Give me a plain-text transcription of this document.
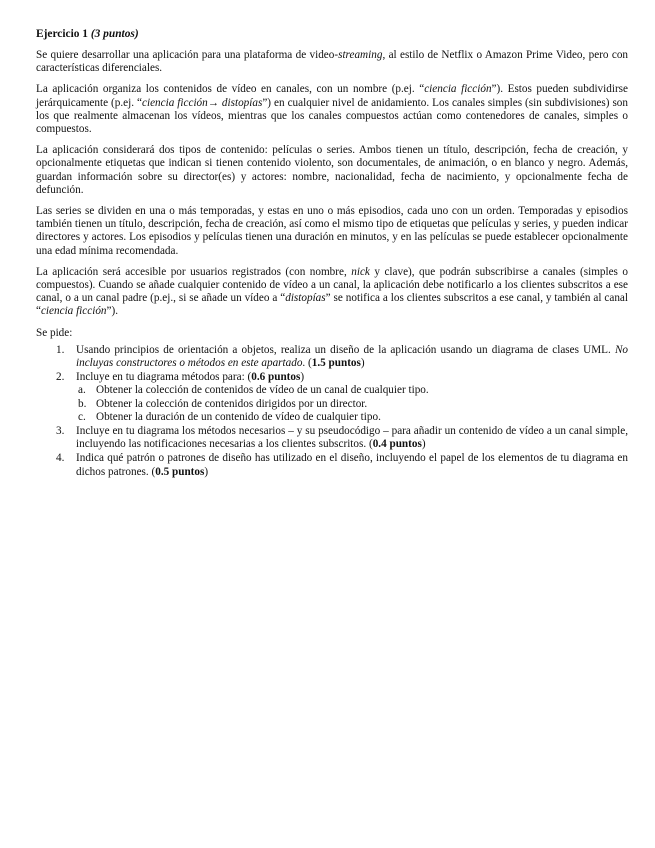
Ejercicio 1 (3 puntos)

Se quiere desarrollar una aplicación para una plataforma de video-streaming, al estilo de Netflix o Amazon Prime Video, pero con características diferenciales.

La aplicación organiza los contenidos de vídeo en canales, con un nombre (p.ej. “ciencia ficción”). Estos pueden subdividirse jerárquicamente (p.ej. “ciencia ficción→ distopías”) en cualquier nivel de anidamiento. Los canales simples (sin subdivisiones) son los que realmente almacenan los vídeos, mientras que los canales compuestos actúan como contenedores de canales, simples o compuestos.

La aplicación considerará dos tipos de contenido: películas o series. Ambos tienen un título, descripción, fecha de creación, y opcionalmente etiquetas que indican si tienen contenido violento, son documentales, de animación, o en blanco y negro. Además, guardan información sobre su director(es) y actores: nombre, nacionalidad, fecha de nacimiento, y opcionalmente fecha de defunción.

Las series se dividen en una o más temporadas, y estas en uno o más episodios, cada uno con un orden. Temporadas y episodios también tienen un título, descripción, fecha de creación, así como el mismo tipo de etiquetas que películas y series, y pueden indicar directores y actores. Los episodios y películas tienen una duración en minutos, y en las películas se puede establecer opcionalmente una edad mínima recomendada.

La aplicación será accesible por usuarios registrados (con nombre, nick y clave), que podrán subscribirse a canales (simples o compuestos). Cuando se añade cualquier contenido de vídeo a un canal, la aplicación debe notificarlo a los clientes subscritos a ese canal, o a un canal padre (p.ej., si se añade un vídeo a “distopías” se notifica a los clientes subscritos a ese canal, y también al canal “ciencia ficción”).

Se pide:

1.	Usando principios de orientación a objetos, realiza un diseño de la aplicación usando un diagrama de clases UML. No incluyas constructores o métodos en este apartado. (1.5 puntos)
2.	Incluye en tu diagrama métodos para: (0.6 puntos)
a. Obtener la colección de contenidos de vídeo de un canal de cualquier tipo.
b. Obtener la colección de contenidos dirigidos por un director.
c. Obtener la duración de un contenido de vídeo de cualquier tipo.
3.	Incluye en tu diagrama los métodos necesarios – y su pseudocódigo – para añadir un contenido de vídeo a un canal simple, incluyendo las notificaciones necesarias a los clientes subscritos. (0.4 puntos)
4.	Indica qué patrón o patrones de diseño has utilizado en el diseño, incluyendo el papel de los elementos de tu diagrama en dichos patrones. (0.5 puntos)
